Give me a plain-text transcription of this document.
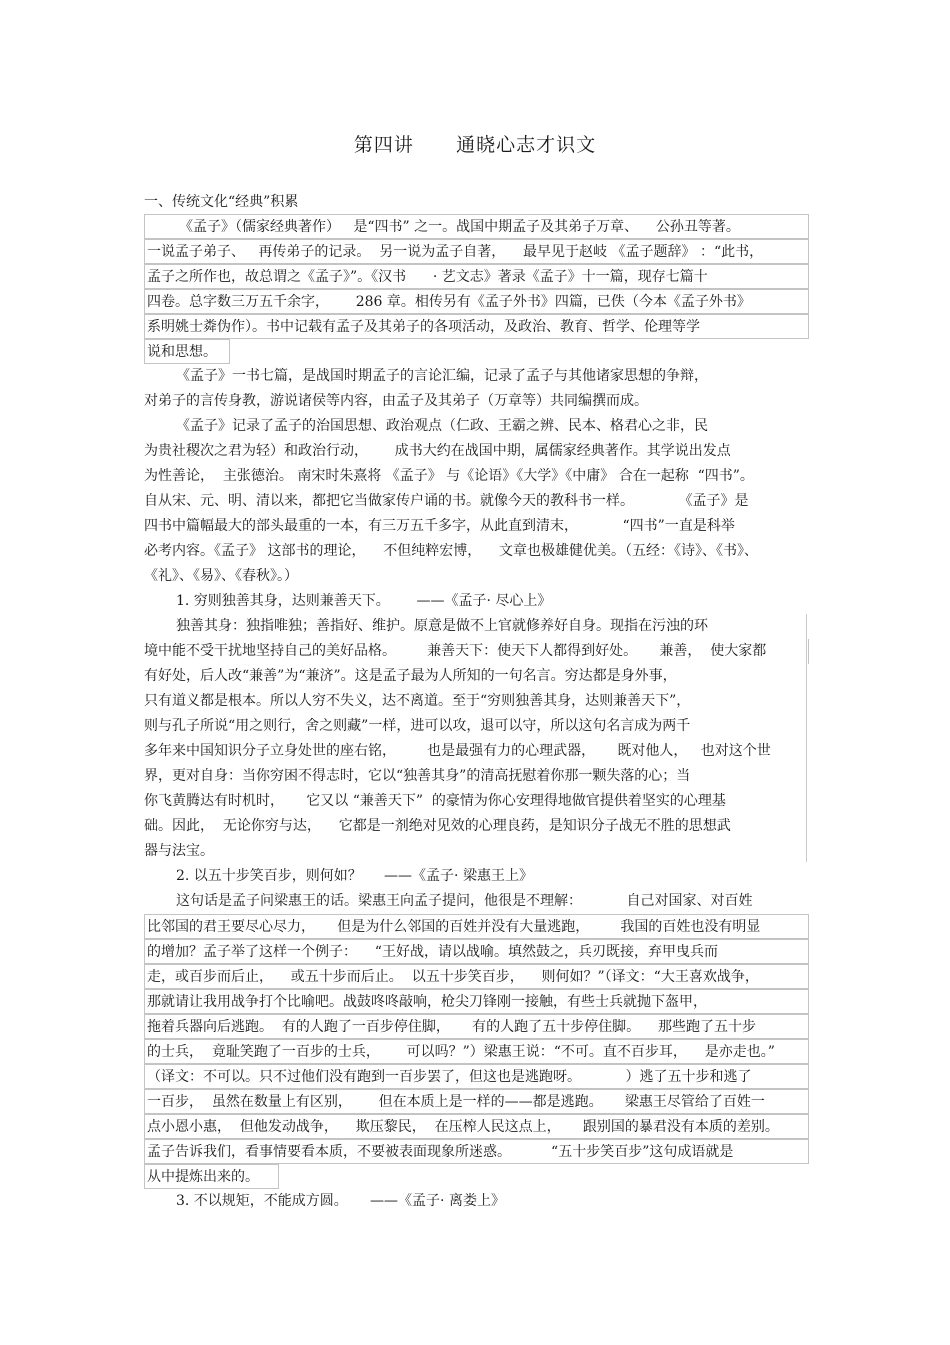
第四讲      通晓心志才识文
一、传统文化“经典”积累
《孟子》（儒家经典著作）   是“四书” 之一。战国中期孟子及其弟子万章、    公孙丑等著。
一说孟子弟子、   再传弟子的记录。  另一说为孟子自著，    最早见于赵岐 《孟子题辞》 ：“此书，
孟子之所作也，故总谓之《孟子》”。《汉书      · 艺文志》著录《孟子》十一篇，现存七篇十
四卷。总字数三万五千余字，      286 章。相传另有《孟子外书》四篇，已佚（今本《孟子外书》
系明姚士粦伪作）。书中记载有孟子及其弟子的各项活动，及政治、教育、哲学、伦理等学
说和思想。
《孟子》一书七篇，是战国时期孟子的言论汇编，记录了孟子与其他诸家思想的争辩，
对弟子的言传身教，游说诸侯等内容，由孟子及其弟子（万章等）共同编撰而成。
《孟子》记录了孟子的治国思想、政治观点（仁政、王霸之辨、民本、格君心之非，民
为贵社稷次之君为轻）和政治行动，      成书大约在战国中期，属儒家经典著作。其学说出发点
为性善论，  主张德治。 南宋时朱熹将 《孟子》 与《论语》《大学》《中庸》 合在一起称  “四书”。
自从宋、元、明、清以来，都把它当做家传户诵的书。就像今天的教科书一样。          《孟子》是
四书中篇幅最大的部头最重的一本，有三万五千多字，从此直到清末，          “四书”一直是科举
必考内容。《孟子》 这部书的理论，    不但纯粹宏博，    文章也极雄健优美。（五经：《诗》、《书》、
《礼》、《易》、《春秋》。）
1. 穷则独善其身，达则兼善天下。      ——《孟子· 尽心上》
独善其身：独指唯独；善指好、维护。原意是做不上官就修养好自身。现指在污浊的环
境中能不受干扰地坚持自己的美好品格。       兼善天下：使天下人都得到好处。     兼善，  使大家都
有好处，后人改“兼善”为“兼济”。这是孟子最为人所知的一句名言。穷达都是身外事，
只有道义都是根本。所以人穷不失义，达不离道。至于“穷则独善其身，达则兼善天下”，
则与孔子所说“用之则行，舍之则藏”一样，进可以攻，退可以守，所以这句名言成为两千
多年来中国知识分子立身处世的座右铭，       也是最强有力的心理武器，     既对他人，   也对这个世
界，更对自身：当你穷困不得志时，它以“独善其身”的清高抚慰着你那一颗失落的心；当
你飞黄腾达有时机时，     它又以 “兼善天下”  的豪情为你心安理得地做官提供着坚实的心理基
础。因此，  无论你穷与达，    它都是一剂绝对见效的心理良药，是知识分子战无不胜的思想武
器与法宝。
2. 以五十步笑百步，则何如？     ——《孟子· 梁惠王上》
这句话是孟子问梁惠王的话。梁惠王向孟子提问，他很是不理解：          自己对国家、对百姓
比邻国的君王要尽心尽力，     但是为什么邻国的百姓并没有大量逃跑，       我国的百姓也没有明显
的增加？孟子举了这样一个例子：    “王好战，请以战喻。填然鼓之，兵刃既接，弃甲曳兵而
走，或百步而后止，    或五十步而后止。  以五十步笑百步，    则何如？”（译文：“大王喜欢战争，
那就请让我用战争打个比喻吧。战鼓咚咚敲响，枪尖刀锋刚一接触，有些士兵就抛下盔甲，
拖着兵器向后逃跑。  有的人跑了一百步停住脚，     有的人跑了五十步停住脚。    那些跑了五十步
的士兵，  竟耻笑跑了一百步的士兵，      可以吗？”）梁惠王说：“不可。直不百步耳，    是亦走也。”
（译文：不可以。只不过他们没有跑到一百步罢了，但这也是逃跑呀。          ）逃了五十步和逃了
一百步，  虽然在数量上有区别，      但在本质上是一样的——都是逃跑。     梁惠王尽管给了百姓一
点小恩小惠，  但他发动战争，    欺压黎民，  在压榨人民这点上，     跟别国的暴君没有本质的差别。
孟子告诉我们，看事情要看本质，不要被表面现象所迷惑。         “五十步笑百步”这句成语就是
从中提炼出来的。
3. 不以规矩，不能成方圆。     ——《孟子· 离娄上》
